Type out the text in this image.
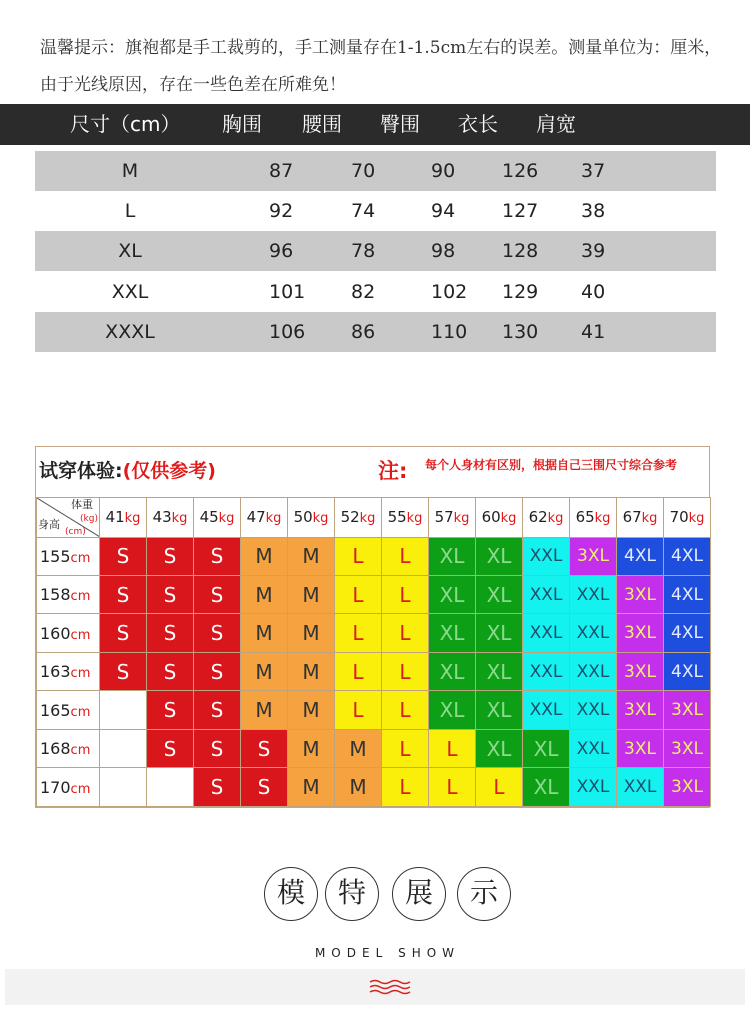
温馨提示：旗袍都是手工裁剪的，手工测量存在1-1.5cm左右的误差。测量单位为：厘米，由于光线原因，存在一些色差在所难免！

尺寸（cm） 胸围 腰围 臀围 衣长 肩宽
M	87	70	90 126 37
L	92	74	94 127 38
XL	96	78	98 128 39
XXL	101 82	102 129 40
XXXL	106 86	110 130 41
试穿体验:(仅供参考)	注: 每个人身材有区别，根据自己三围尺寸综合参考
体重
(kg)
身高
(cm)	41kg	43kg	45kg	47kg	50kg	52kg	55kg	57kg	60kg	62kg	65kg	67kg	70kg
155cm	S	S	S	M	M	L	L	XL	XL	XXL	3XL	4XL	4XL
158cm	S	S	S	M	M	L	L	XL	XL	XXL	XXL	3XL	4XL
160cm	S	S	S	M	M	L	L	XL	XL	XXL	XXL	3XL	4XL
163cm	S	S	S	M	M	L	L	XL	XL	XXL	XXL	3XL	4XL
165cm		S	S	M	M	L	L	XL	XL	XXL	XXL	3XL	3XL
168cm		S	S	S	M	M	L	L	XL	XL	XXL	3XL	3XL
170cm			S	S	M	M	L	L	L	XL	XXL	XXL	3XL
模	特	展	示
MODEL SHOW
